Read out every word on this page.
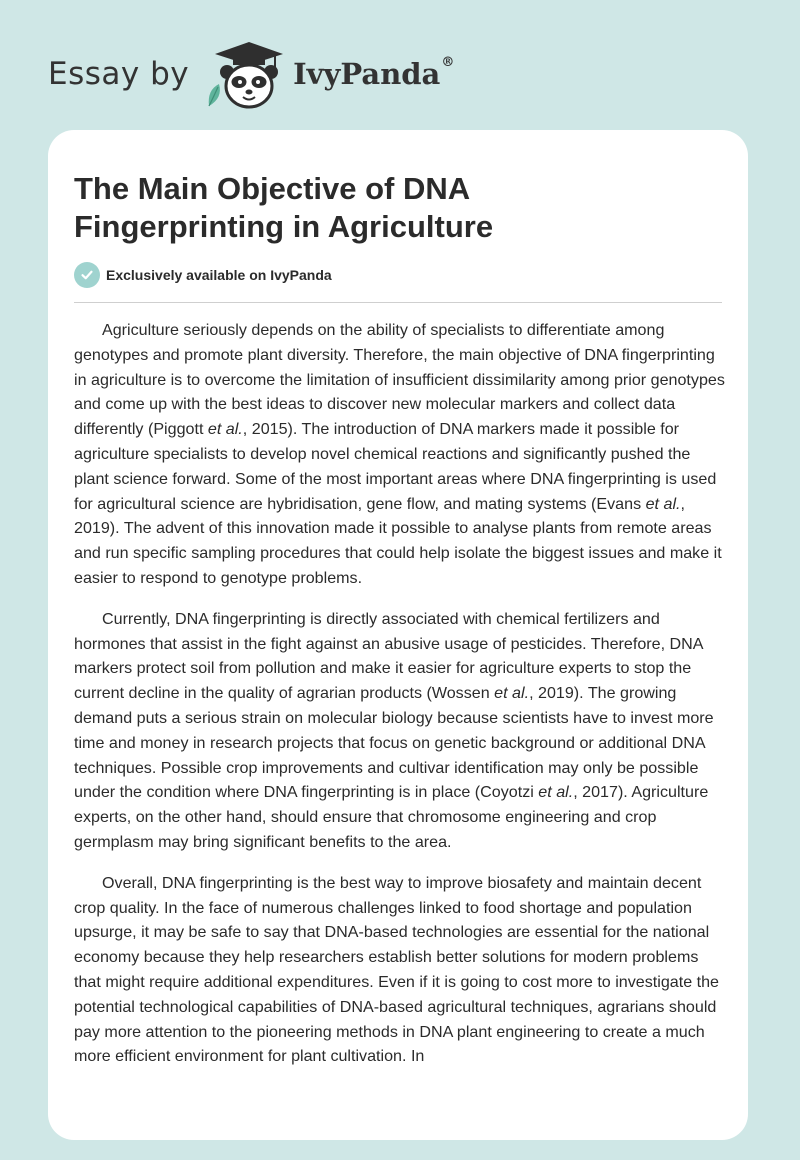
Essay by	IvyPanda®
The Main Objective of DNA Fingerprinting in Agriculture
Exclusively available on IvyPanda

Agriculture seriously depends on the ability of specialists to differentiate among genotypes and promote plant diversity. Therefore, the main objective of DNA fingerprinting in agriculture is to overcome the limitation of insufficient dissimilarity among prior genotypes and come up with the best ideas to discover new molecular markers and collect data differently (Piggott et al., 2015). The introduction of DNA markers made it possible for agriculture specialists to develop novel chemical reactions and significantly pushed the plant science forward. Some of the most important areas where DNA fingerprinting is used for agricultural science are hybridisation, gene flow, and mating systems (Evans et al., 2019). The advent of this innovation made it possible to analyse plants from remote areas and run specific sampling procedures that could help isolate the biggest issues and make it easier to respond to genotype problems.

Currently, DNA fingerprinting is directly associated with chemical fertilizers and hormones that assist in the fight against an abusive usage of pesticides. Therefore, DNA markers protect soil from pollution and make it easier for agriculture experts to stop the current decline in the quality of agrarian products (Wossen et al., 2019). The growing demand puts a serious strain on molecular biology because scientists have to invest more time and money in research projects that focus on genetic background or additional DNA techniques. Possible crop improvements and cultivar identification may only be possible under the condition where DNA fingerprinting is in place (Coyotzi et al., 2017). Agriculture experts, on the other hand, should ensure that chromosome engineering and crop germplasm may bring significant benefits to the area.

Overall, DNA fingerprinting is the best way to improve biosafety and maintain decent crop quality. In the face of numerous challenges linked to food shortage and population upsurge, it may be safe to say that DNA-based technologies are essential for the national economy because they help researchers establish better solutions for modern problems that might require additional expenditures. Even if it is going to cost more to investigate the potential technological capabilities of DNA-based agricultural techniques, agrarians should pay more attention to the pioneering methods in DNA plant engineering to create a much more efficient environment for plant cultivation. In
